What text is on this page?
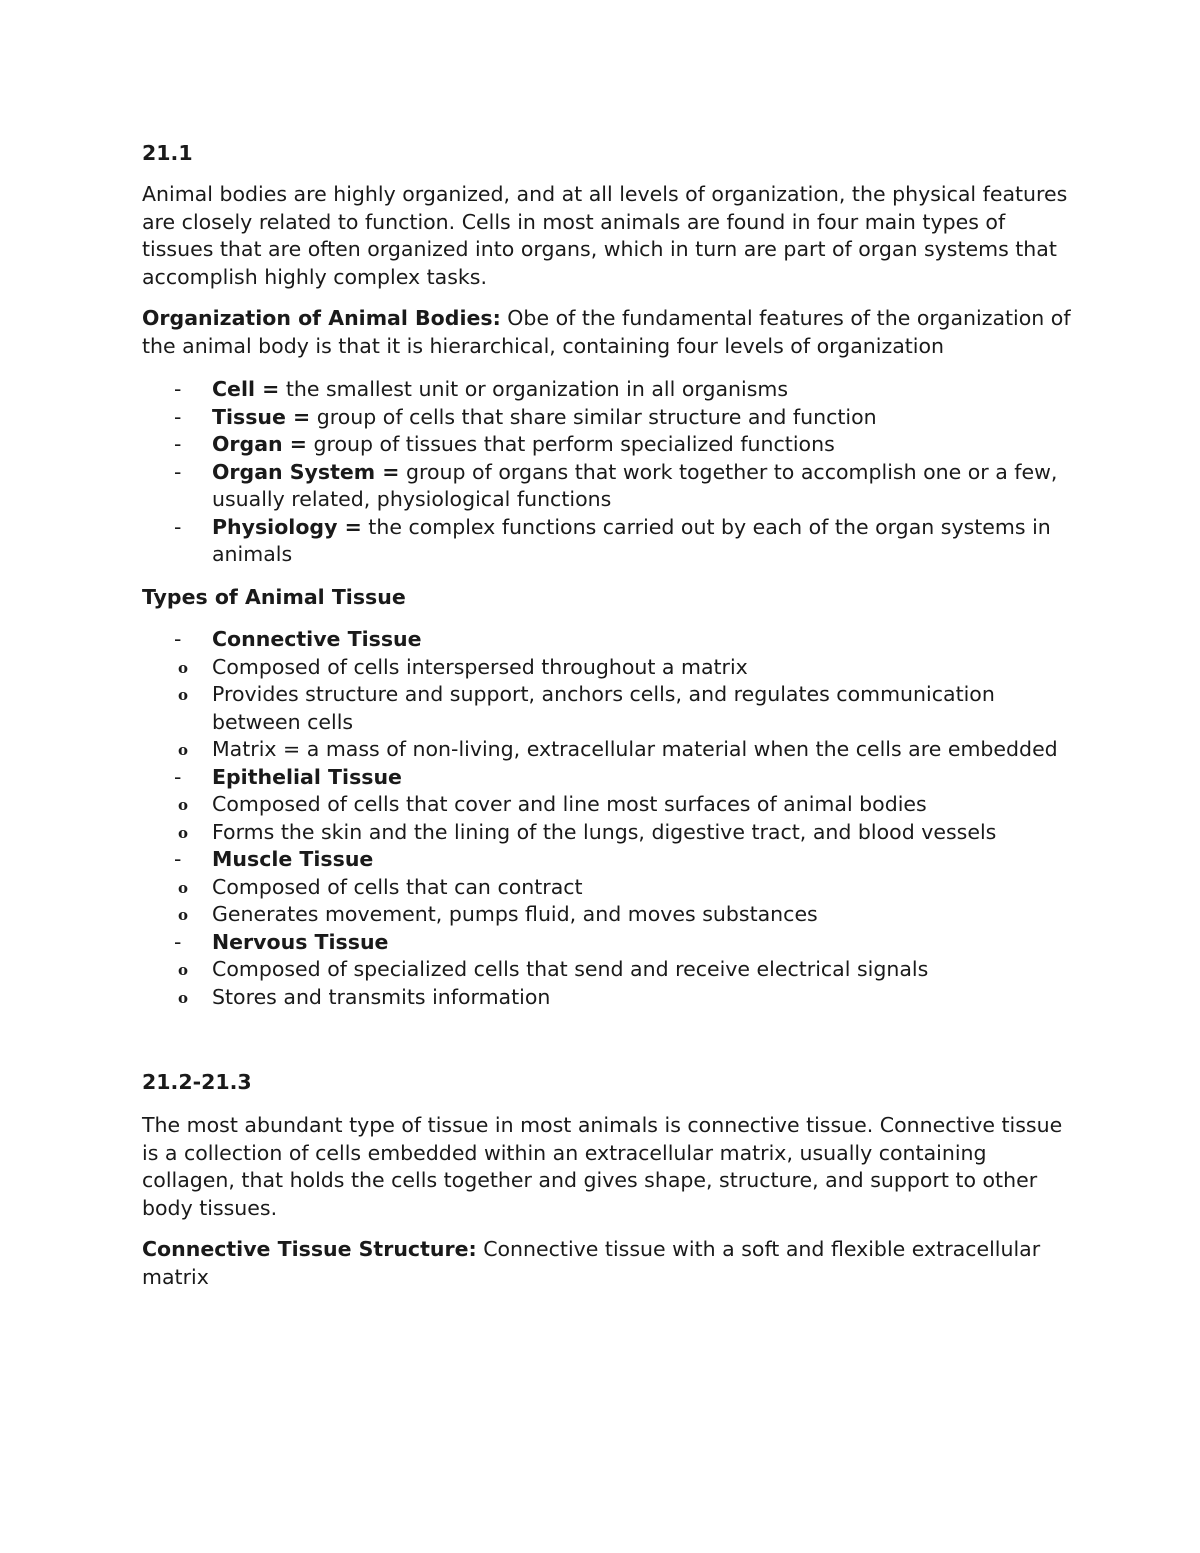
21.1

Animal bodies are highly organized, and at all levels of organization, the physical features are closely related to function. Cells in most animals are found in four main types of tissues that are often organized into organs, which in turn are part of organ systems that accomplish highly complex tasks.

Organization of Animal Bodies: Obe of the fundamental features of the organization of the animal body is that it is hierarchical, containing four levels of organization

- Cell = the smallest unit or organization in all organisms
- Tissue = group of cells that share similar structure and function
- Organ = group of tissues that perform specialized functions
- Organ System = group of organs that work together to accomplish one or a few, usually related, physiological functions
- Physiology = the complex functions carried out by each of the organ systems in animals

Types of Animal Tissue

- Connective Tissue
o Composed of cells interspersed throughout a matrix
o Provides structure and support, anchors cells, and regulates communication between cells
o Matrix = a mass of non-living, extracellular material when the cells are embedded
- Epithelial Tissue
o Composed of cells that cover and line most surfaces of animal bodies
o Forms the skin and the lining of the lungs, digestive tract, and blood vessels
- Muscle Tissue
o Composed of cells that can contract
o Generates movement, pumps fluid, and moves substances
- Nervous Tissue
o Composed of specialized cells that send and receive electrical signals
o Stores and transmits information

21.2-21.3

The most abundant type of tissue in most animals is connective tissue. Connective tissue is a collection of cells embedded within an extracellular matrix, usually containing collagen, that holds the cells together and gives shape, structure, and support to other body tissues.

Connective Tissue Structure: Connective tissue with a soft and flexible extracellular matrix
